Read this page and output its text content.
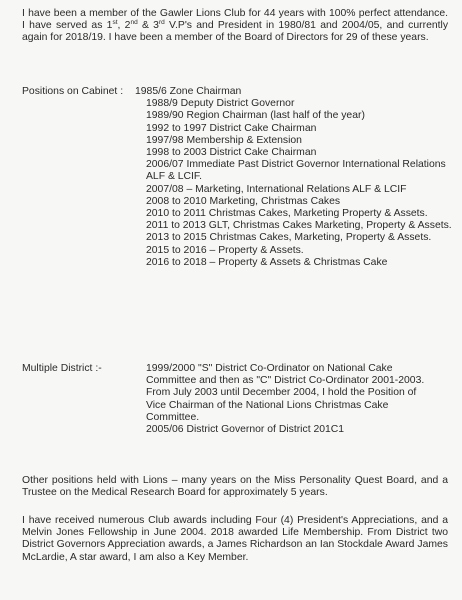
I have been a member of the Gawler Lions Club for 44 years with 100% perfect attendance. I have served as 1st, 2nd & 3rd V.P's and President in 1980/81 and 2004/05, and currently again for 2018/19. I have been a member of the Board of Directors for 29 of these years.

Positions on Cabinet : 1985/6 Zone Chairman
1988/9 Deputy District Governor
1989/90 Region Chairman (last half of the year)
1992 to 1997 District Cake Chairman
1997/98 Membership & Extension
1998 to 2003 District Cake Chairman
2006/07 Immediate Past District Governor International Relations ALF & LCIF.
2007/08 – Marketing, International Relations ALF & LCIF
2008 to 2010 Marketing, Christmas Cakes
2010 to 2011 Christmas Cakes, Marketing Property & Assets.
2011 to 2013 GLT, Christmas Cakes Marketing, Property & Assets.
2013 to 2015 Christmas Cakes, Marketing, Property & Assets.
2015 to 2016 – Property & Assets.
2016 to 2018 – Property & Assets & Christmas Cake

Multiple District :-	1999/2000 "S" District Co-Ordinator on National Cake Committee and then as "C" District Co-Ordinator 2001-2003.
From July 2003 until December 2004, I hold the Position of Vice Chairman of the National Lions Christmas Cake Committee.
2005/06 District Governor of District 201C1

Other positions held with Lions – many years on the Miss Personality Quest Board, and a Trustee on the Medical Research Board for approximately 5 years.

I have received numerous Club awards including Four (4) President's Appreciations, and a Melvin Jones Fellowship in June 2004. 2018 awarded Life Membership. From District two District Governors Appreciation awards, a James Richardson an Ian Stockdale Award James McLardie, A star award, I am also a Key Member.
